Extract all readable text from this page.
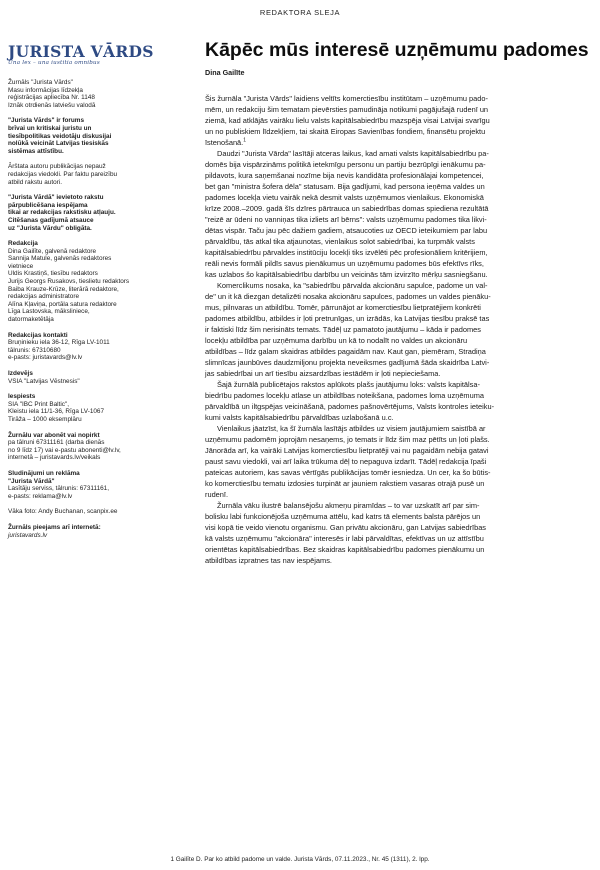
REDAKTORA SLEJA
JURISTA VĀRDS
Una lex – una iustitia omnibus
Žurnāls "Jurista Vārds"
Masu informācijas līdzekļa
reģistrācijas apliecība Nr. 1148
Iznāk otrdienās latviešu valodā
"Jurista Vārds" ir forums
brīvai un kritiskai juristu un
tiesībpolitikas veidotāju diskusijai
nolūkā veicināt Latvijas tiesiskās
sistēmas attīstību.
Ārštata autoru publikācijas nepauž
redakcijas viedokli. Par faktu pareizību
atbild rakstu autori.
"Jurista Vārdā" ievietoto rakstu
pārpublicēšana iespējama
tikai ar redakcijas rakstisku atļauju.
Citēšanas gadījumā atsauce
uz "Jurista Vārdu" obligāta.
Redakcija
Dina Gailīte, galvenā redaktore
Sannija Matule, galvenās redaktores
vietniece
Uldis Krastiņš, tiesību redaktors
Jurijs Georgs Rusakovs, tieslietu redaktors
Baiba Krauze-Krūze, literārā redaktore,
redakcijas administratore
Alīna Kļaviņa, portāla satura redaktore
Līga Lastovska, māksliniece,
datormaketētāja
Redakcijas kontakti
Bruņinieku iela 36-12, Rīga LV-1011
tālrunis: 67310680
e-pasts: juristavards@lv.lv
Izdevējs
VSIA "Latvijas Vēstnesis"
Iespiests
SIA "IBC Print Baltic",
Kleistu iela 11/1-36, Rīga LV-1067
Tirāža – 1000 eksemplāru
Žurnālu var abonēt vai nopirkt
pa tālruni 67311161 (darba dienās
no 9 līdz 17) vai e-pastu abonenti@lv.lv,
internetā – juristavards.lv/veikals
Sludinājumi un reklāma
"Jurista Vārdā"
Lasītāju serviss, tālrunis: 67311161,
e-pasts: reklama@lv.lv
Vāka foto: Andy Buchanan, scanpix.ee
Žurnāls pieejams arī internetā:
juristavards.lv
Kāpēc mūs interesē uzņēmumu padomes
Dina Gailīte

Šis žurnāla "Jurista Vārds" laidiens veltīts komerctiesību institūtam – uzņēmumu pado-
mēm, un redakciju šim tematam pievērsties pamudināja notikumi pagājušajā rudenī un
ziemā, kad atklājās vairāku lielu valsts kapitālsabiedrību mazspēja visai Latvijai svarīgu
un no publiskiem līdzekļiem, tai skaitā Eiropas Savienības fondiem, finansētu projektu
īstenošanā.$^1$

Daudzi "Jurista Vārda" lasītāji atceras laikus, kad amati valsts kapitālsabiedrību pa-
domēs bija vispārzināms politikā ietekmīgu personu un partiju bezrūpīgi ienākumu pa-
pildavots, kura saņemšanai nozīme bija nevis kandidāta profesionālajai kompetencei,
bet gan "ministra šofera dēla" statusam. Bija gadījumi, kad persona ieņēma valdes un
padomes locekļa vietu vairāk nekā desmit valsts uzņēmumos vienlaikus. Ekonomiskā
krīze 2008.–2009. gadā šīs dzīres pārtrauca un sabiedrības domas spiediena rezultātā
"reizē ar ūdeni no vanniņas tika izliets arī bērns": valsts uzņēmumu padomes tika likvi-
dētas vispār. Taču jau pēc dažiem gadiem, atsaucoties uz OECD ieteikumiem par labu
pārvaldību, tās atkal tika atjaunotas, vienlaikus solot sabiedrībai, ka turpmāk valsts
kapitālsabiedrību pārvaldes institūciju locekļi tiks izvēlēti pēc profesionāliem kritērijiem,
reāli nevis formāli pildīs savus pienākumus un uzņēmumu padomes būs efektīvs rīks,
kas uzlabos šo kapitālsabiedrību darbību un veicinās tām izvirzīto mērķu sasniegšanu.

Komerclikums nosaka, ka "sabiedrību pārvalda akcionāru sapulce, padome un val-
de" un it kā diezgan detalizēti nosaka akcionāru sapulces, padomes un valdes pienāku-
mus, pilnvaras un atbildību. Tomēr, pārrunājot ar komerctiesību lietpratējiem konkrēti
padomes atbildību, atbildes ir ļoti pretrunīgas, un izrādās, ka Latvijas tiesību praksē tas
ir faktiski līdz šim nerisināts temats. Tādēļ uz pamatoto jautājumu – kāda ir padomes
locekļu atbildība par uzņēmuma darbību un kā to nodalīt no valdes un akcionāru
atbildības – līdz galam skaidras atbildes pagaidām nav. Kaut gan, piemēram, Stradiņa
slimnīcas jaunbūves daudzmiljonu projekta neveiksmes gadījumā šāda skaidrība Latvi-
jas sabiedrībai un arī tiesību aizsardzības iestādēm ir ļoti nepieciešama.

Šajā žurnālā publicētajos rakstos aplūkots plašs jautājumu loks: valsts kapitālsa-
biedrību padomes locekļu atlase un atbildības noteikšana, padomes loma uzņēmuma
pārvaldībā un iltgspējas veicināšanā, padomes pašnovērtējums, Valsts kontroles ieteiku-
kumi valsts kapitālsabiedrību pārvaldības uzlabošanā u.c.

Vienlaikus jāatzīst, ka šī žurnāla lasītājs atbildes uz visiem jautājumiem saistībā ar
uzņēmumu padomēm joprojām nesaņems, jo temats ir līdz šim maz pētīts un ļoti plašs.
Jānorāda arī, ka vairāki Latvijas komerctiesību lietpratēji vai nu pagaidām nebija gatavi
paust savu viedokli, vai arī laika trūkuma dēļ to nepaguva izdarīt. Tādēļ redakcija īpaši
pateicas autoriem, kas savas vērtīgās publikācijas tomēr iesniedza. Un cer, ka šo būtis-
ko komerctiesību tematu izdosies turpināt ar jauniem rakstiem vasaras otrajā pusē un
rudenī.

Žurnāla vāku ilustrē balansējošu akmeņu piramīdas – to var uzskatīt arī par sim-
bolisku labi funkcionējoša uzņēmuma attēlu, kad katrs tā elements balsta pārējos un
visi kopā tie veido vienotu organismu. Gan privātu akcionāru, gan Latvijas sabiedrības
kā valsts uzņēmumu "akcionāra" interesēs ir labi pārvaldītas, efektīvas un uz attīstību
orientētas kapitālsabiedrības. Bez skaidras kapitālsabiedrību padomes pienākumu un
atbildības izpratnes tas nav iespējams.

1 Gailīte D. Par ko atbild padome un valde. Jurista Vārds, 07.11.2023., Nr. 45 (1311), 2. lpp.
